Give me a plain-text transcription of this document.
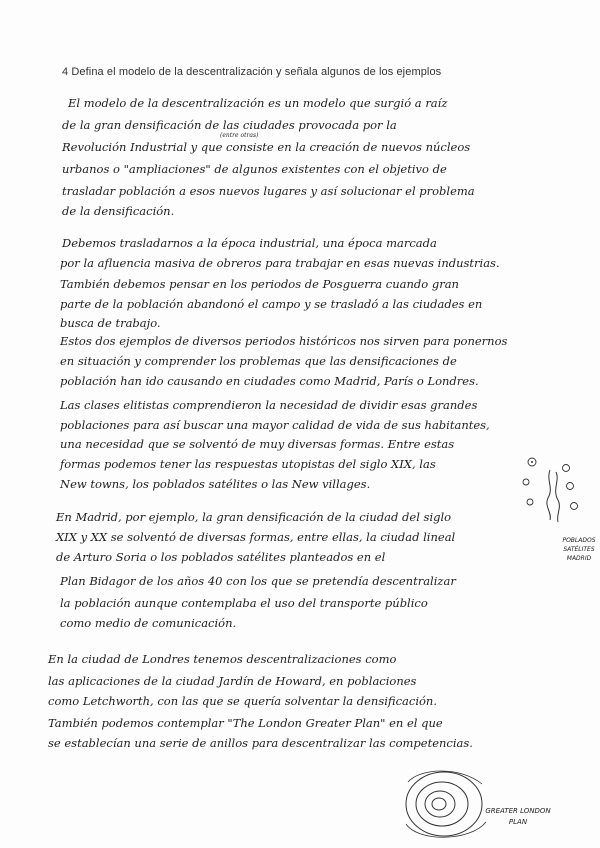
4 Defina el modelo de la descentralización y señala algunos de los ejemplos
El modelo de la descentralización es un modelo que surgió a raíz
de la gran densificación de las ciudades provocada por la
(entre otras)
Revolución Industrial y que consiste en la creación de nuevos núcleos
urbanos o "ampliaciones" de algunos existentes con el objetivo de
trasladar población a esos nuevos lugares y así solucionar el problema
de la densificación.
Debemos trasladarnos a la época industrial, una época marcada
por la afluencia masiva de obreros para trabajar en esas nuevas industrias.
También debemos pensar en los periodos de Posguerra cuando gran
parte de la población abandonó el campo y se trasladó a las ciudades en
busca de trabajo.
Estos dos ejemplos de diversos periodos históricos nos sirven para ponernos
en situación y comprender los problemas que las densificaciones de
población han ido causando en ciudades como Madrid, París o Londres.
Las clases elitistas comprendieron la necesidad de dividir esas grandes
poblaciones para así buscar una mayor calidad de vida de sus habitantes,
una necesidad que se solventó de muy diversas formas. Entre estas
formas podemos tener las respuestas utopistas del siglo XIX, las
New towns, los poblados satélites o las New villages.
En Madrid, por ejemplo, la gran densificación de la ciudad del siglo
XIX y XX se solventó de diversas formas, entre ellas, la ciudad lineal
de Arturo Soria o los poblados satélites planteados en el
Plan Bidagor de los años 40 con los que se pretendía descentralizar
la población aunque contemplaba el uso del transporte público
como medio de comunicación.
En la ciudad de Londres tenemos descentralizaciones como
las aplicaciones de la ciudad Jardín de Howard, en poblaciones
como Letchworth, con las que se quería solventar la densificación.
También podemos contemplar "The London Greater Plan" en el que
se establecían una serie de anillos para descentralizar las competencias.
POBLADOS SATÉLITES MADRID
GREATER LONDON PLAN
